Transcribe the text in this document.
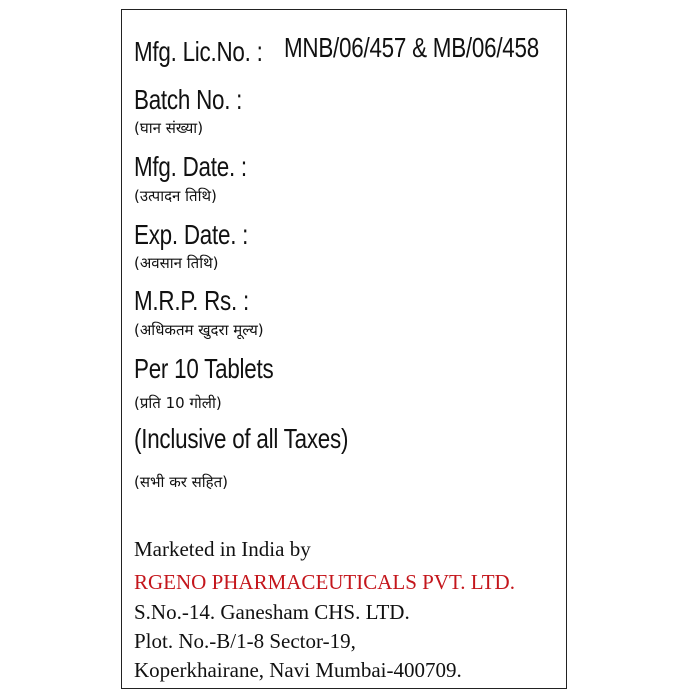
Mfg. Lic.No. : MNB/06/457 & MB/06/458
Batch No. :
(घान संख्या)
Mfg. Date. :
(उत्पादन तिथि)
Exp. Date. :
(अवसान तिथि)
M.R.P. Rs. :
(अधिकतम खुदरा मूल्य)
Per 10 Tablets
(प्रति 10 गोली)
(Inclusive of all Taxes)
(सभी कर सहित)
Marketed in India by
RGENO PHARMACEUTICALS PVT. LTD.
S.No.-14. Ganesham CHS. LTD.
Plot. No.-B/1-8 Sector-19,
Koperkhairane, Navi Mumbai-400709.
